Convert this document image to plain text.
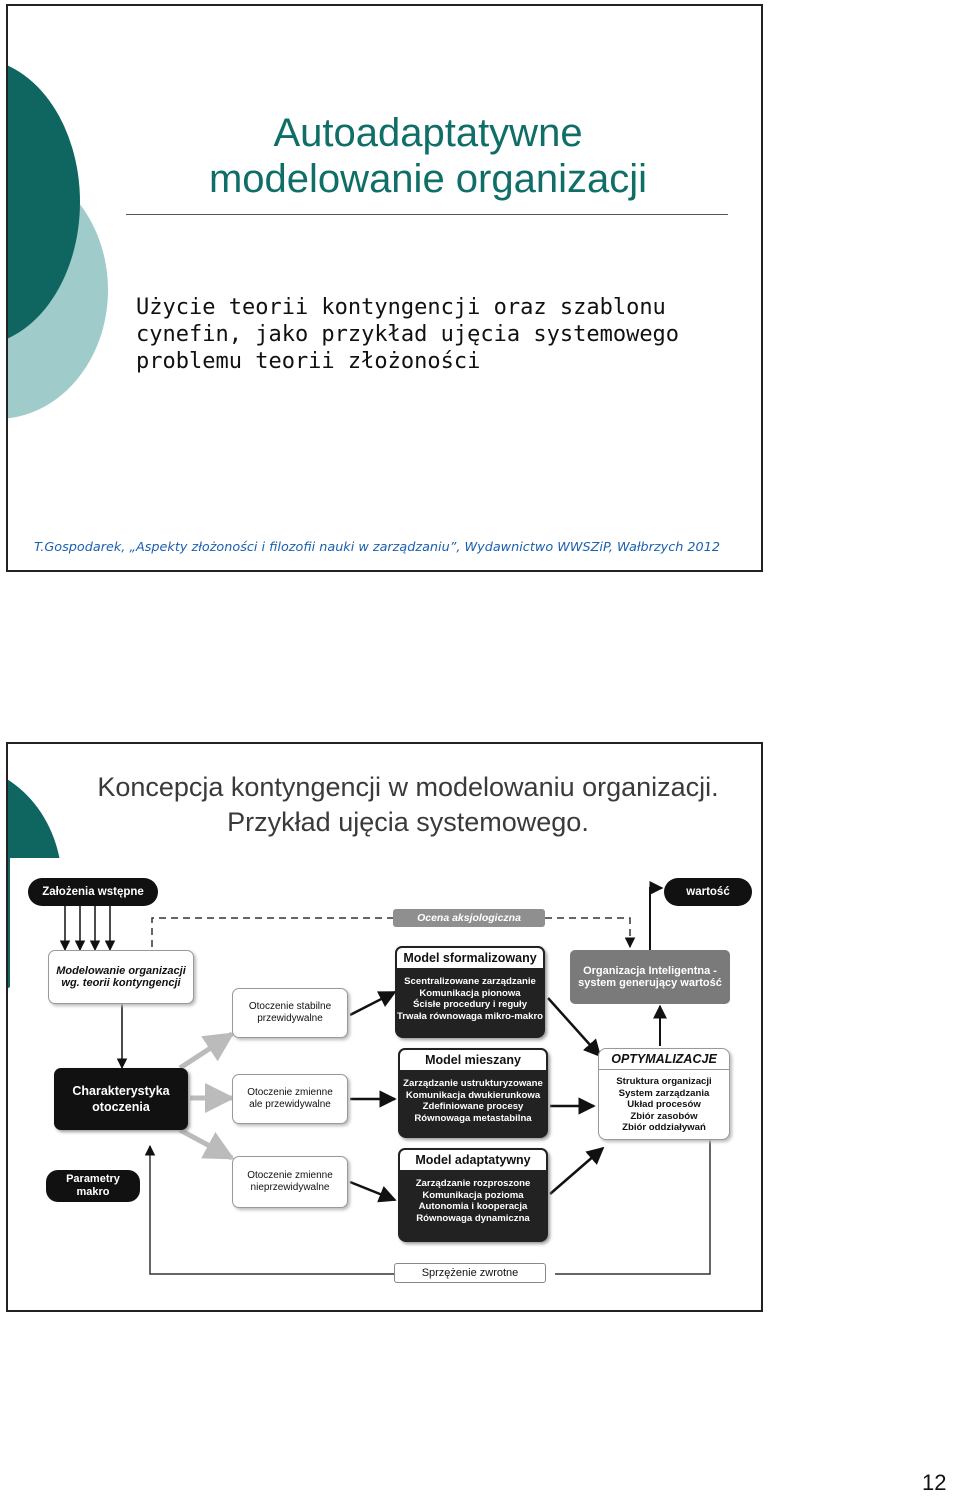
Autoadaptatywne
modelowanie organizacji
Użycie teorii kontyngencji oraz szablonu
cynefin, jako przykład ujęcia systemowego
problemu teorii złożoności
T.Gospodarek, „Aspekty złożoności i filozofii nauki w zarządzaniu”, Wydawnictwo WWSZiP, Wałbrzych 2012
Koncepcja kontyngencji w modelowaniu organizacji.
Przykład ujęcia systemowego.
Założenia wstępne	wartość
Ocena aksjologiczna
Modelowanie organizacji
wg. teorii kontyngencji
Charakterystyka
otoczenia
Parametry
makro
Otoczenie stabilne
przewidywalne
Otoczenie zmienne
ale przewidywalne
Otoczenie zmienne
nieprzewidywalne
Model sformalizowany
Scentralizowane zarządzanie
Komunikacja pionowa
Ścisłe procedury i reguły
Trwała równowaga mikro-makro
Model mieszany
Zarządzanie ustrukturyzowane
Komunikacja dwukierunkowa
Zdefiniowane procesy
Równowaga metastabilna
Model adaptatywny
Zarządzanie rozproszone
Komunikacja pozioma
Autonomia i kooperacja
Równowaga dynamiczna
Organizacja Inteligentna -
system generujący wartość
OPTYMALIZACJE
Struktura organizacji
System zarządzania
Układ procesów
Zbiór zasobów
Zbiór oddziaływań
Sprzężenie zwrotne
12
